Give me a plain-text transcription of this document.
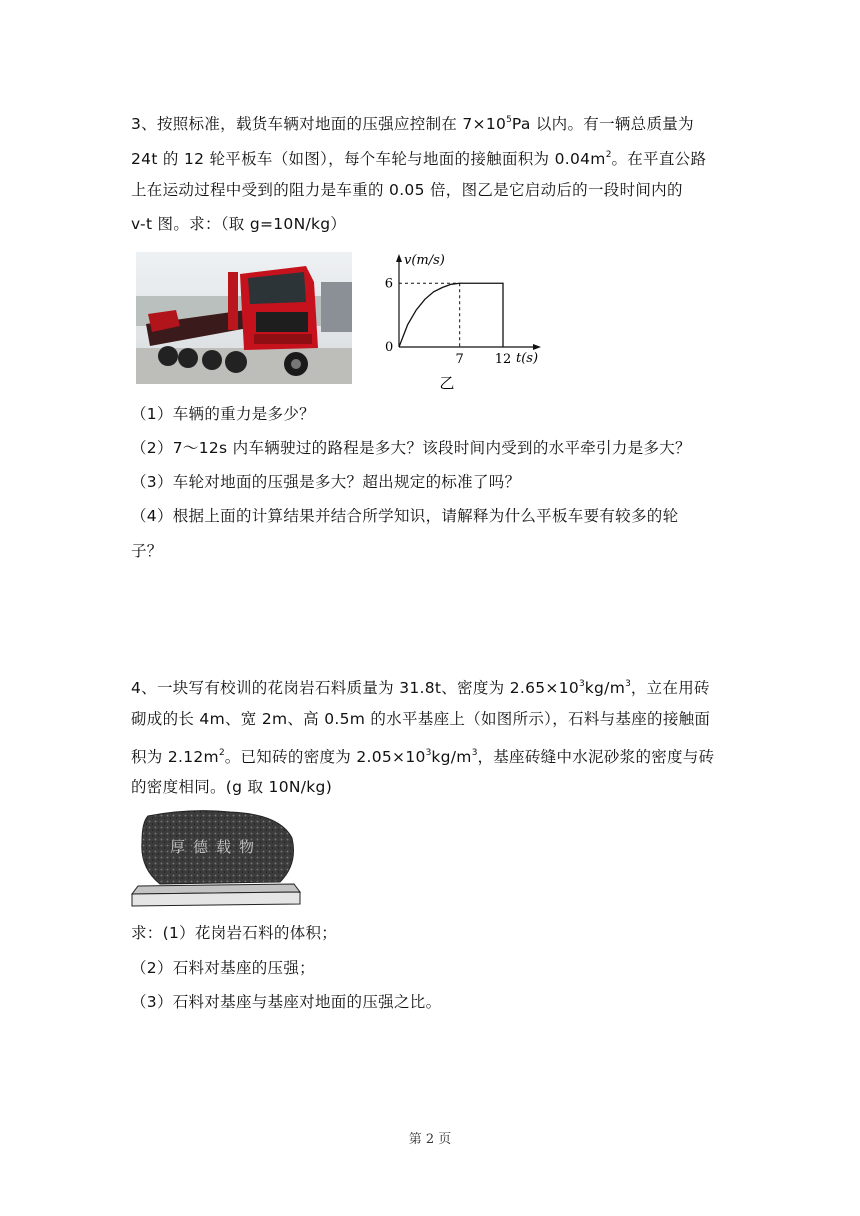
3、按照标准，载货车辆对地面的压强应控制在 $7\times 10^5Pa$ 以内。有一辆总质量为
24t 的 12 轮平板车（如图），每个车轮与地面的接触面积为 $0.04m^2$。在平直公路
上在运动过程中受到的阻力是车重的 0.05 倍，图乙是它启动后的一段时间内的
v-t 图。求：（取 g=10N/kg）
v(m/s)
t(s)
0
7 12
6
乙
（1）车辆的重力是多少？
（2）7～12s 内车辆驶过的路程是多大？该段时间内受到的水平牵引力是多大？
（3）车轮对地面的压强是多大？超出规定的标准了吗？
（4）根据上面的计算结果并结合所学知识，请解释为什么平板车要有较多的轮
子？
4、一块写有校训的花岗岩石料质量为 31.8t、密度为 $2.65\times 10^3kg/m^3$，立在用砖
砌成的长 4m、宽 2m、高 0.5m 的水平基座上（如图所示），石料与基座的接触面
积为 $2.12m^2$。已知砖的密度为 $2.05\times 10^3kg/m^3$，基座砖缝中水泥砂浆的密度与砖
的密度相同。(g 取 10N/kg)
厚德载物
求：(1）花岗岩石料的体积；
（2）石料对基座的压强；
（3）石料对基座与基座对地面的压强之比。
第 2 页
